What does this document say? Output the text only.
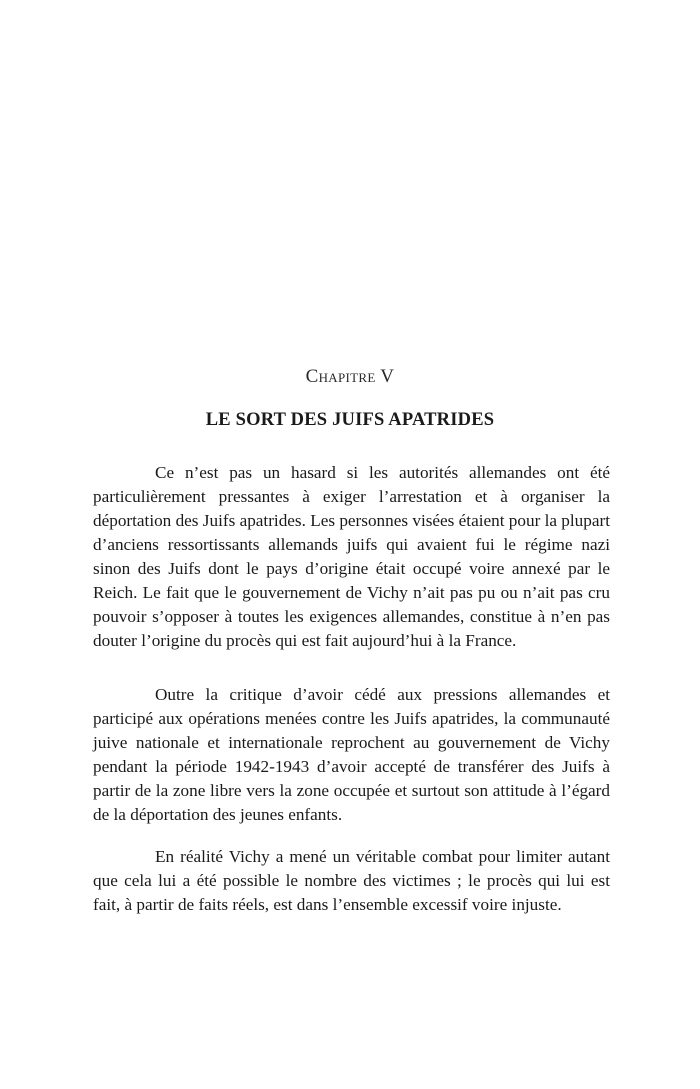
Chapitre V
LE SORT DES JUIFS APATRIDES

Ce n’est pas un hasard si les autorités allemandes ont été particulièrement pressantes à exiger l’arrestation et à organiser la déportation des Juifs apatrides. Les personnes visées étaient pour la plupart d’anciens ressortissants allemands juifs qui avaient fui le régime nazi sinon des Juifs dont le pays d’origine était occupé voire annexé par le Reich. Le fait que le gouvernement de Vichy n’ait pas pu ou n’ait pas cru pouvoir s’opposer à toutes les exigences allemandes, constitue à n’en pas douter l’origine du procès qui est fait aujourd’hui à la France.

Outre la critique d’avoir cédé aux pressions allemandes et participé aux opérations menées contre les Juifs apatrides, la communauté juive nationale et internationale reprochent au gouvernement de Vichy pendant la période 1942-1943 d’avoir accepté de transférer des Juifs à partir de la zone libre vers la zone occupée et surtout son attitude à l’égard de la déportation des jeunes enfants.

En réalité Vichy a mené un véritable combat pour limiter autant que cela lui a été possible le nombre des victimes ; le procès qui lui est fait, à partir de faits réels, est dans l’ensemble excessif voire injuste.
